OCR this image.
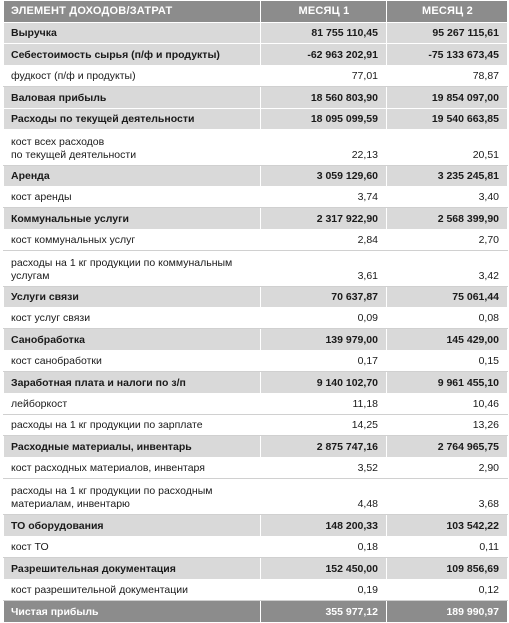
ЭЛЕМЕНТ ДОХОДОВ/ЗАТРАТ	МЕСЯЦ 1	МЕСЯЦ 2
Выручка	81 755 110,45	95 267 115,61
Себестоимость сырья (п/ф и продукты)	-62 963 202,91	-75 133 673,45
фудкост (п/ф и продукты)	77,01	78,87
Валовая прибыль	18 560 803,90	19 854 097,00
Расходы по текущей деятельности	18 095 099,59	19 540 663,85
кост всех расходов
по текущей деятельности	22,13	20,51
Аренда	3 059 129,60	3 235 245,81
кост аренды	3,74	3,40
Коммунальные услуги	2 317 922,90	2 568 399,90
кост коммунальных услуг	2,84	2,70
расходы на 1 кг продукции по коммунальным
услугам	3,61	3,42
Услуги связи	70 637,87	75 061,44
кост услуг связи	0,09	0,08
Санобработка	139 979,00	145 429,00
кост санобработки	0,17	0,15
Заработная плата и налоги по з/п	9 140 102,70	9 961 455,10
лейборкост	11,18	10,46
расходы на 1 кг продукции по зарплате	14,25	13,26
Расходные материалы, инвентарь	2 875 747,16	2 764 965,75
кост расходных материалов, инвентаря	3,52	2,90
расходы на 1 кг продукции по расходным
материалам, инвентарю	4,48	3,68
ТО оборудования	148 200,33	103 542,22
кост ТО	0,18	0,11
Разрешительная документация	152 450,00	109 856,69
кост разрешительной документации	0,19	0,12
Чистая прибыль	355 977,12	189 990,97
